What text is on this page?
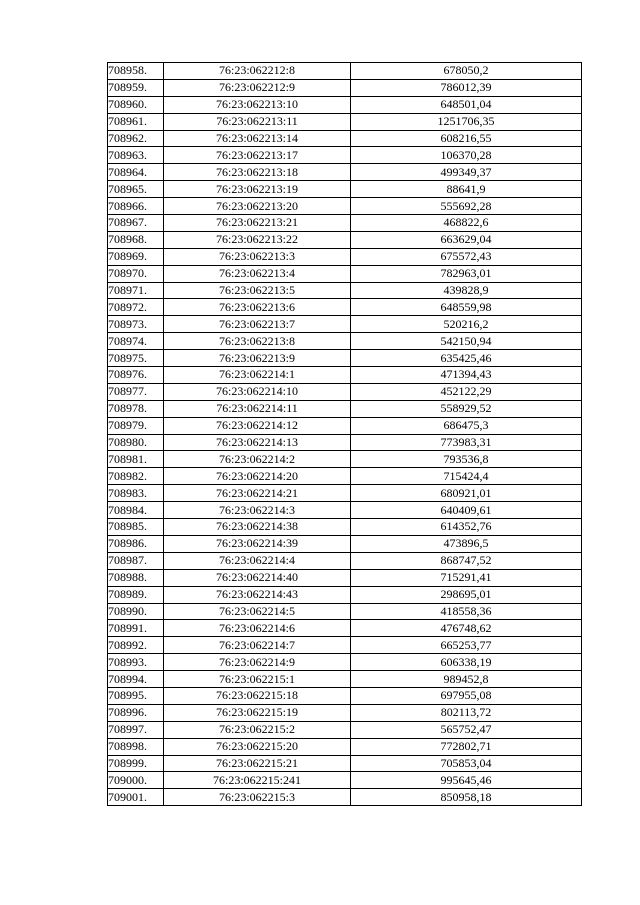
708958.	76:23:062212:8	678050,2
708959.	76:23:062212:9	786012,39
708960.	76:23:062213:10	648501,04
708961.	76:23:062213:11	1251706,35
708962.	76:23:062213:14	608216,55
708963.	76:23:062213:17	106370,28
708964.	76:23:062213:18	499349,37
708965.	76:23:062213:19	88641,9
708966.	76:23:062213:20	555692,28
708967.	76:23:062213:21	468822,6
708968.	76:23:062213:22	663629,04
708969.	76:23:062213:3	675572,43
708970.	76:23:062213:4	782963,01
708971.	76:23:062213:5	439828,9
708972.	76:23:062213:6	648559,98
708973.	76:23:062213:7	520216,2
708974.	76:23:062213:8	542150,94
708975.	76:23:062213:9	635425,46
708976.	76:23:062214:1	471394,43
708977.	76:23:062214:10	452122,29
708978.	76:23:062214:11	558929,52
708979.	76:23:062214:12	686475,3
708980.	76:23:062214:13	773983,31
708981.	76:23:062214:2	793536,8
708982.	76:23:062214:20	715424,4
708983.	76:23:062214:21	680921,01
708984.	76:23:062214:3	640409,61
708985.	76:23:062214:38	614352,76
708986.	76:23:062214:39	473896,5
708987.	76:23:062214:4	868747,52
708988.	76:23:062214:40	715291,41
708989.	76:23:062214:43	298695,01
708990.	76:23:062214:5	418558,36
708991.	76:23:062214:6	476748,62
708992.	76:23:062214:7	665253,77
708993.	76:23:062214:9	606338,19
708994.	76:23:062215:1	989452,8
708995.	76:23:062215:18	697955,08
708996.	76:23:062215:19	802113,72
708997.	76:23:062215:2	565752,47
708998.	76:23:062215:20	772802,71
708999.	76:23:062215:21	705853,04
709000.	76:23:062215:241	995645,46
709001.	76:23:062215:3	850958,18
